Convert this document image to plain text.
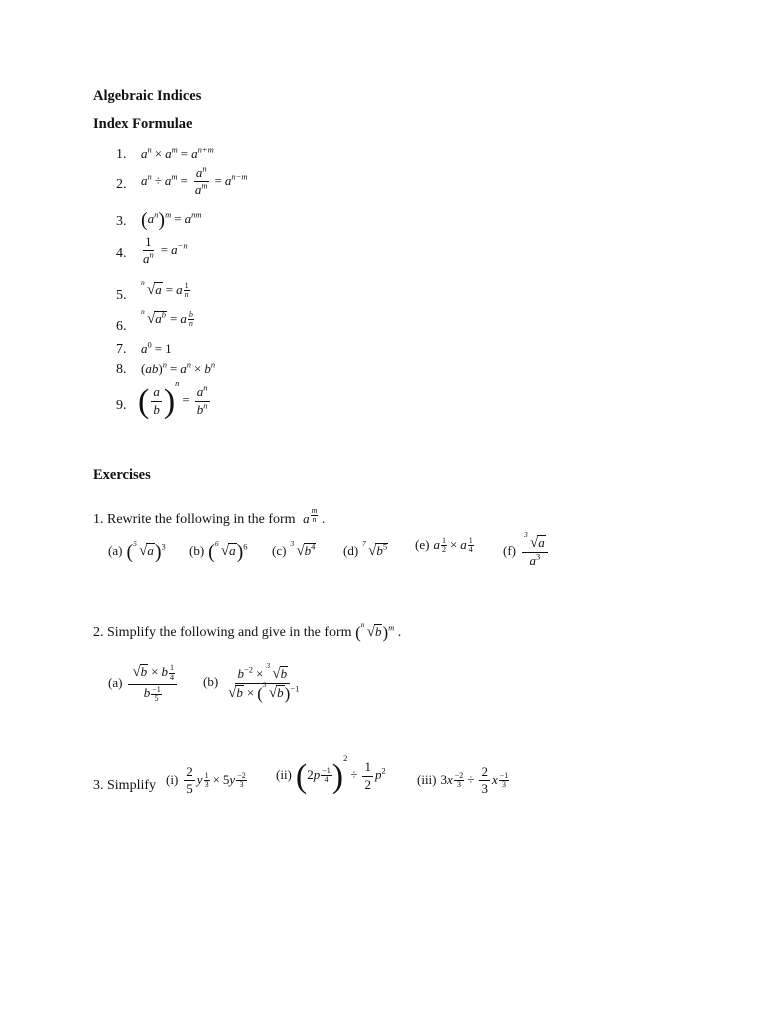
Algebraic Indices
Index Formulae
1. $a^n \times a^m = a^{n+m}$
2. $a^n \div a^m = \frac{a^n}{a^m} = a^{n-m}$
3. $(a^n)^m = a^{nm}$
4. $\frac{1}{a^n} = a^{-n}$
5.
n √ a = a $\frac{1}{n}$
6.
n √ $a^b = a \frac{b}{n}$
7. $a^0 = 1$
8. $(ab)^n = a^n \times b^n$
9. ( $\frac{a}{b} )^n= \frac{a^n}{b^n}$
Exercises
1. Rewrite the following in the form a $\frac{m}{n}$ .
(a) ( 5 √ a )$^3$ (b) ( 6 √ a )$^6$ (c) 3 √ $b^4$ (d) 7 √ $b^5$ (e) a $\frac{1}{2} \times a \frac{1}{4} (f)$ 3
√ a
$a^3$
2. Simplify the following and give in the form ( n √ b )$^m$ .
$(a) \frac{√ b \times b \frac{1}{4}}{b \frac{-1}{5}} (b) b^{-2}$ ×
3
√ b
√ b × ( 3
√ b )$^{-1}$
3. Simplify $(i) \frac{2}{5}$ y $\frac{1}{3} \times 5y \frac{-2}{3} (ii)$ $(2p \frac{-1}{4} )^2\div \frac{1}{2} p^2$
(iii) $3x \frac{-2}{3} \div \frac{2}{3}$ x $\frac{-1}{3}$
